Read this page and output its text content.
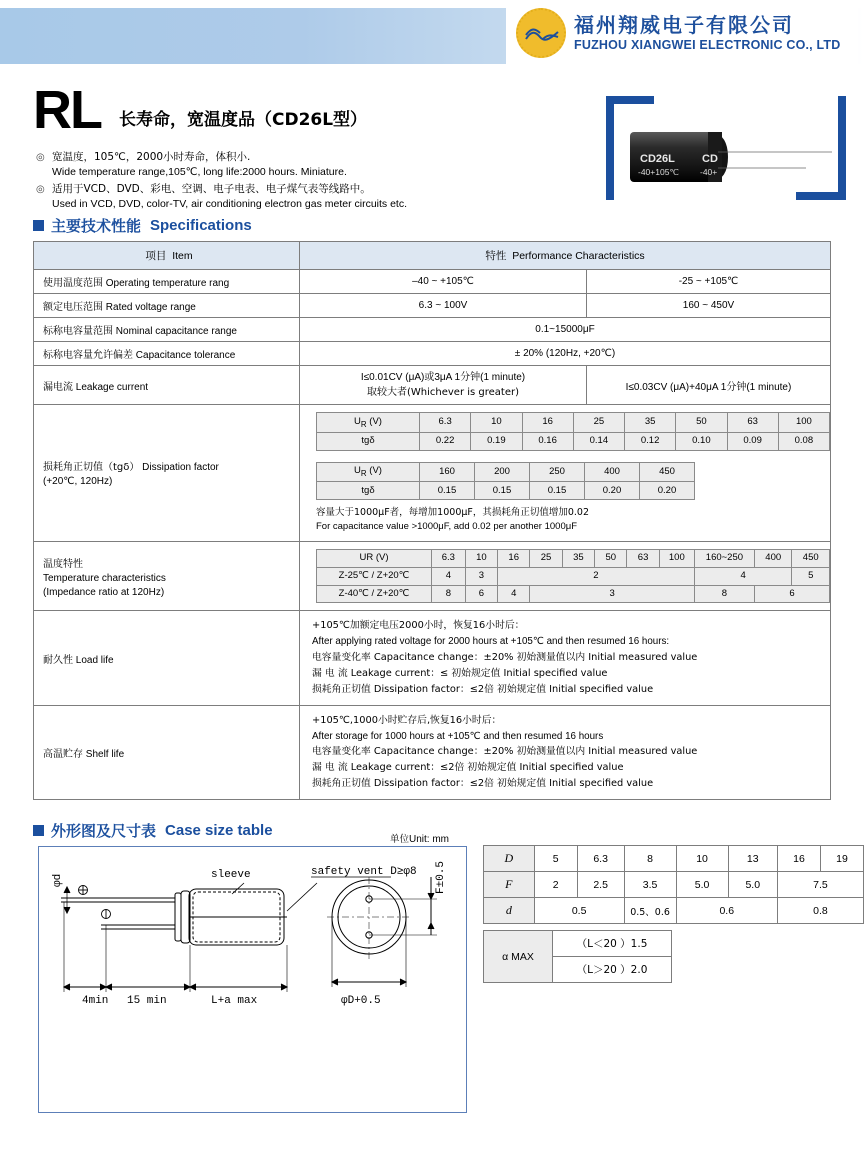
福州翔威电子有限公司
FUZHOU XIANGWEI ELECTRONIC CO., LTD
RL 长寿命，宽温度品（CD26L型）
◎ 宽温度，105℃，2000小时寿命，体积小.
Wide temperature range,105℃, long life:2000 hours. Miniature.
◎ 适用于VCD、DVD、彩电、空调、电子电表、电子煤气表等线路中。
Used in VCD, DVD, color-TV, air conditioning electron gas meter circuits etc.
CD26L
-40+105℃
CD
-40+
主要技术性能 Specifications
项目 Item	特性 Performance Characteristics
使用温度范围 Operating temperature rang	–40 ~ +105℃	-25 ~ +105℃
额定电压范围 Rated voltage range	6.3 ~ 100V	160 ~ 450V
标称电容量范围 Nominal capacitance range	0.1~15000μF
标称电容量允许偏差 Capacitance tolerance	± 20% (120Hz, +20℃)
漏电流 Leakage current	
I≤0.01CV (μA)或3μA 1分钟(1 minute)
取较大者(Whichever is greater)	I≤0.03CV (μA)+40μA 1分钟(1 minute)

损耗角正切值（tgδ） Dissipation factor
(+20℃, 120Hz)

$U_R$ (V)	6.3	10	16	25	35	50	63	100
tgδ	0.22	0.19	0.16	0.14	0.12	0.10	0.09	0.08
$U_R$ (V)	160	200	250	400	450
tgδ	0.15	0.15	0.15	0.20	0.20
容量大于1000μF者，每增加1000μF，其损耗角正切值增加0.02
For capacitance value >1000μF, add 0.02 per another 1000μF

温度特性
Temperature characteristics
(Impedance ratio at 120Hz)

UR (V)	6.3	10	16	25	35	50	63	100	160~250	400	450
Z-25℃ / Z+20℃	4	3	2	4	5
Z-40℃ / Z+20℃	8	6	4	3	8	6

耐久性 Load life	
+105℃加额定电压2000小时，恢复16小时后：
After applying rated voltage for 2000 hours at +105℃ and then resumed 16 hours:
电容量变化率 Capacitance change：±20% 初始测量值以内 Initial measured value
漏 电 流 Leakage current：≤ 初始规定值 Initial specified value
损耗角正切值 Dissipation factor：≤2倍 初始规定值 Initial specified value

高温贮存 Shelf life	
+105℃,1000小时贮存后,恢复16小时后：
After storage for 1000 hours at +105℃ and then resumed 16 hours
电容量变化率 Capacitance change：±20% 初始测量值以内 Initial measured value
漏 电 流 Leakage current：≤2倍 初始规定值 Initial specified value
损耗角正切值 Dissipation factor：≤2倍 初始规定值 Initial specified value
外形图及尺寸表 Case size table
单位Unit: mm
sleeve	safety vent D≥φ8
4min 15 min	L+a max	φD+0.5
φd	F±0.5
D	5	6.3	8	10	13	16	19
F	2	2.5	3.5	5.0	5.0	7.5	
d	0.5		0.5、0.6	0.6		0.8	
α MAX	（L＜20 ）1.5
（L＞20 ）2.0
